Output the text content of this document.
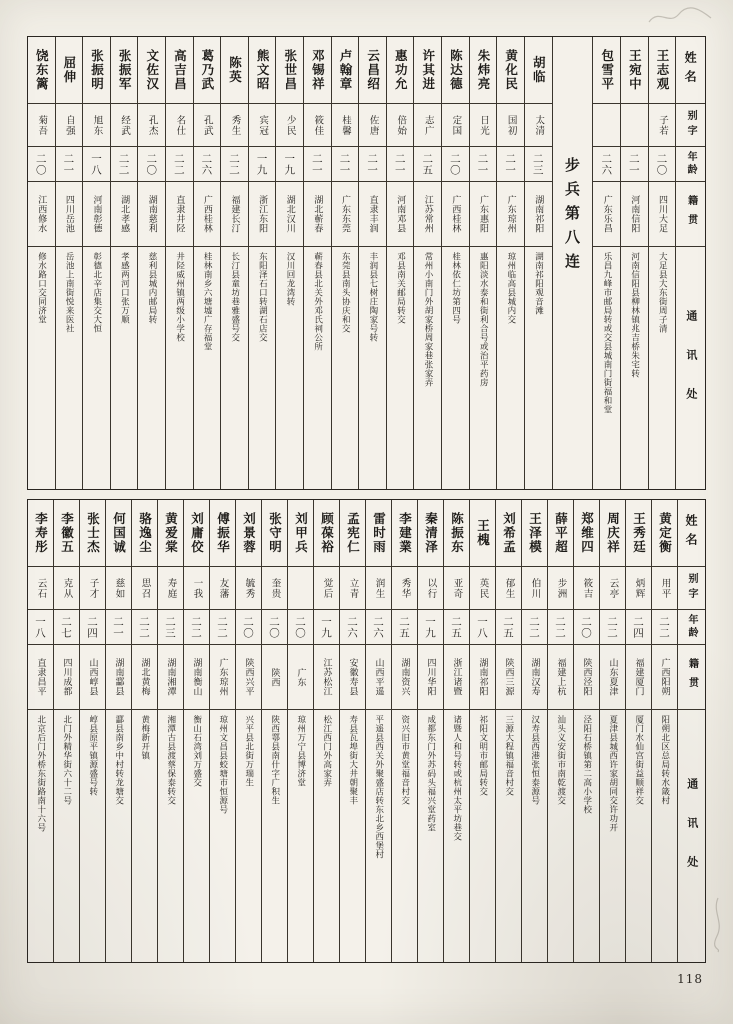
姓名
别字
年龄
籍贯
通讯处
王志观
子若
二〇
四川大足
大足县大东街周子清
王宛中
二一
河南信阳
河南信阳县柳林镇兆吉桥朱宅转
包雪平
二六
广东乐昌
乐昌九峰市邮局转或交县城南门街福和堂
步兵第八连
胡临
太清
二三
湖南祁阳
湖南祁阳观音滩
黄化民
国初
二一
广东琼州
琼州临高县城内交
朱炜亮
日光
二一
广东惠阳
惠阳淡水泰和街利合号或治平药房
陈达德
定国
二〇
广西桂林
桂林依仁坊第四号
许其进
志广
二五
江苏常州
常州小南门外胡家桥周家巷张家弄
惠功允
倍始
二一
河南邓县
邓县南关邮局转交
云昌绍
佐唐
二一
直隶丰润
丰润县七树庄陶家号转
卢翰章
桂馨
二一
广东东莞
东莞县南头协庆和交
邓锡祥
筱佳
二一
湖北蕲春
蕲春县北关外邓氏祠公所
张世昌
少民
一九
湖北汉川
汉川回龙湾转
熊文昭
宾冠
一九
浙江东阳
东阳泽石口转湖石店交
陈英
秀生
二二
福建长汀
长汀县童坊巷雅盛号交
葛乃武
孔武
二六
广西桂林
桂林南乡六塘墟广存福堂
高吉昌
名仕
二二
直隶井陉
井陉威州镇两级小学校
文佐汉
孔杰
二〇
湖南慈利
慈利县城内邮局转
张振军
经武
二二
湖北孝感
孝感两河口张万顺
张振明
旭东
一八
河南彰德
彰德北辛店集交大恒
屈伸
自强
二一
四川岳池
岳池上南街悦来医社
饶东篱
菊吾
二〇
江西修水
修水路口交同济堂
姓名
别字
年龄
籍贯
通讯处
黄定衡
用平
二二
广西阳朔
阳朔北区总局转水箴村
王秀廷
炳辉
二四
福建厦门
厦门水仙宫街益顺祥交
周庆祥
云亭
二二
山东夏津
夏津县城西许家胡同交许功开
郑维四
筱吉
二〇
陕西泾阳
泾阳石桥镇第二高小学校
薛平超
步洲
二二
福建上杭
汕头义安街市南乾渡交
王泽模
伯川
二二
湖南汉寿
汉寿县西港张恒泰源号
刘希孟
郁生
二五
陕西三源
三源大程镇福音村交
王槐
英民
一八
湖南祁阳
祁阳文明市邮局转交
陈振东
亚奇
二五
浙江诸暨
诸暨人和号转或杭州太平坊巷交
秦清泽
以行
一九
四川华阳
成都东门外苏码头福兴堂药室
李建業
秀华
二五
湖南资兴
资兴旧市黄堂福音村交
雷时雨
润生
二六
山西平遥
平遥县西关外聚盛店转东北乡西堡村
孟宪仁
立青
二六
安徽寿县
寿县瓦埠街大井朝聚丰
顾葆裕
觉后
一九
江苏松江
松江西门外高家弄
刘甲兵
二〇
广东
琼州万宁县博济堂
张守明
奎贵
二〇
陕西
陕西鄠县南什字广积生
刘景蓉
毓秀
二〇
陕西兴平
兴平县北街万瑞生
傅振华
友藩
二二
广东琼州
琼州文昌县蛟塘市恒源号
刘庸佼
一我
二二
湖南衡山
衡山石湾刘万盛交
黄爱棠
寿庭
二三
湖南湘潭
湘潭古县渡蔡保泰转交
骆逸尘
思召
二二
湖北黄梅
黄梅新开镇
何国诚
慈如
二一
湖南酃县
酃县南乡中村转龙塘交
张士杰
子才
二四
山西崞县
崞县原平镇源盛号转
李徽五
克从
二七
四川成都
北门外精华街六十二号
李寿彤
云石
一八
直隶昌平
北京后门外桥东街路南十六号
118
